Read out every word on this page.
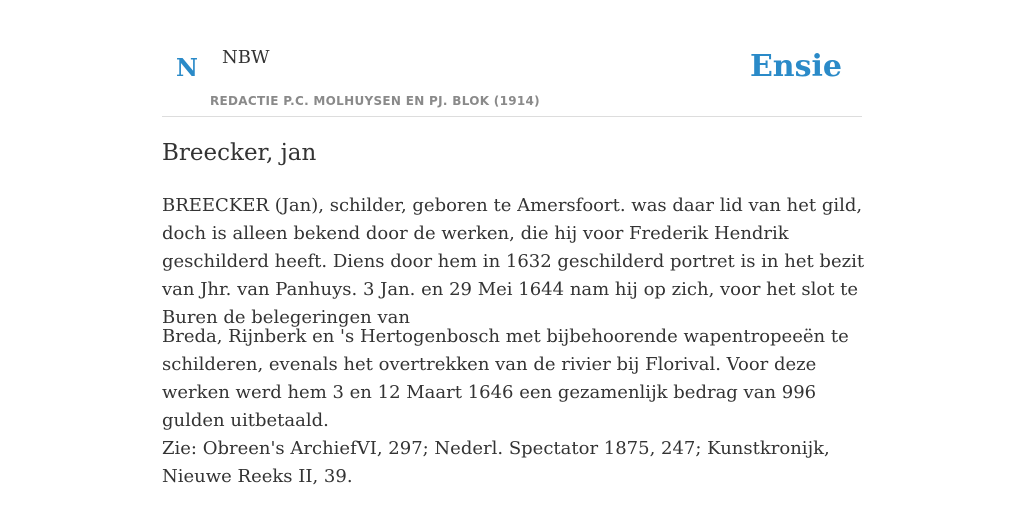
N NBW
REDACTIE P.C. MOLHUYSEN EN PJ. BLOK (1914)
Ensie
Breecker, jan

BREECKER (Jan), schilder, geboren te Amersfoort. was daar lid van het gild, doch is alleen bekend door de werken, die hij voor Frederik Hendrik geschilderd heeft. Diens door hem in 1632 geschilderd portret is in het bezit van Jhr. van Panhuys. 3 Jan. en 29 Mei 1644 nam hij op zich, voor het slot te Buren de belegeringen van

Breda, Rijnberk en 's Hertogenbosch met bijbehoorende wapentropeeën te schilderen, evenals het overtrekken van de rivier bij Florival. Voor deze werken werd hem 3 en 12 Maart 1646 een gezamenlijk bedrag van 996 gulden uitbetaald.

Zie: Obreen's ArchiefVI, 297; Nederl. Spectator 1875, 247; Kunstkronijk, Nieuwe Reeks II, 39.
